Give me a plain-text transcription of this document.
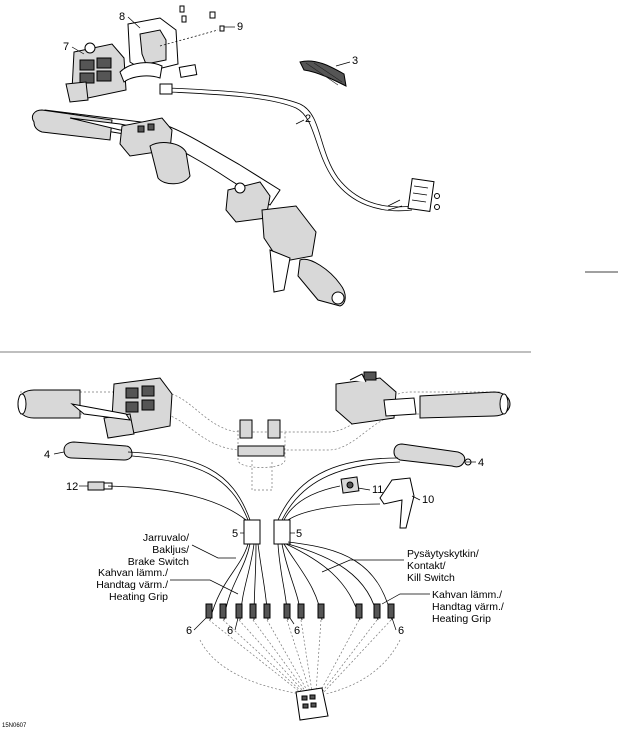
8
9
7
3
2
4
4
12	11
10
5	5
6	6	6	6
Jarruvalo/
Bakljus/
Brake Switch
Kahvan lämm./
Handtag värm./
Heating Grip
Pysäytyskytkin/
Kontakt/
Kill Switch
Kahvan lämm./
Handtag värm./
Heating Grip
15N0607
